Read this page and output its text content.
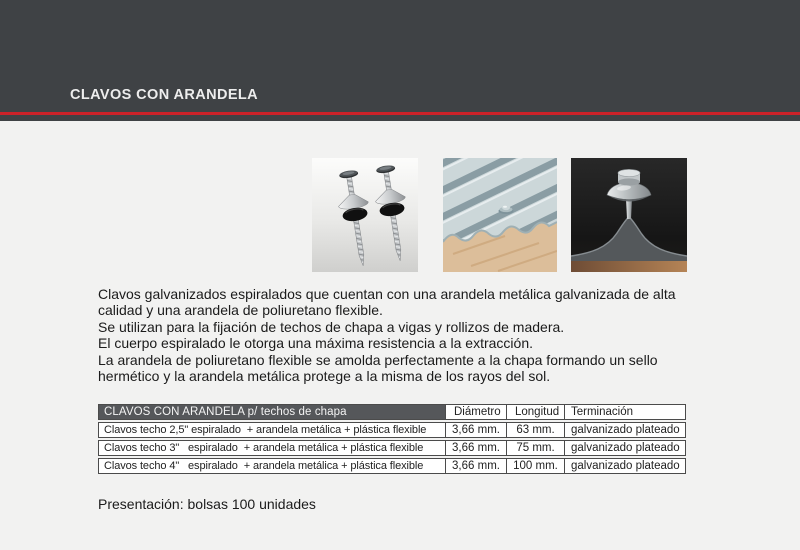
CLAVOS CON ARANDELA

Clavos galvanizados espiralados que cuentan con una arandela metálica galvanizada de alta calidad y una arandela de poliuretano flexible.

Se utilizan para la fijación de techos de chapa a vigas y rollizos de madera.

El cuerpo espiralado le otorga una máxima resistencia a la extracción.

La arandela de poliuretano flexible se amolda perfectamente a la chapa formando un sello hermético y la arandela metálica protege a la misma de los rayos del sol.

CLAVOS CON ARANDELA p/ techos de chapa	Diámetro	Longitud	Terminación
Clavos techo 2,5" espiralado  + arandela metálica + plástica flexible	3,66 mm.	63 mm.	galvanizado plateado
Clavos techo 3"   espiralado  + arandela metálica + plástica flexible	3,66 mm.	75 mm.	galvanizado plateado
Clavos techo 4"   espiralado  + arandela metálica + plástica flexible	3,66 mm.	100 mm.	galvanizado plateado
Presentación: bolsas 100 unidades
